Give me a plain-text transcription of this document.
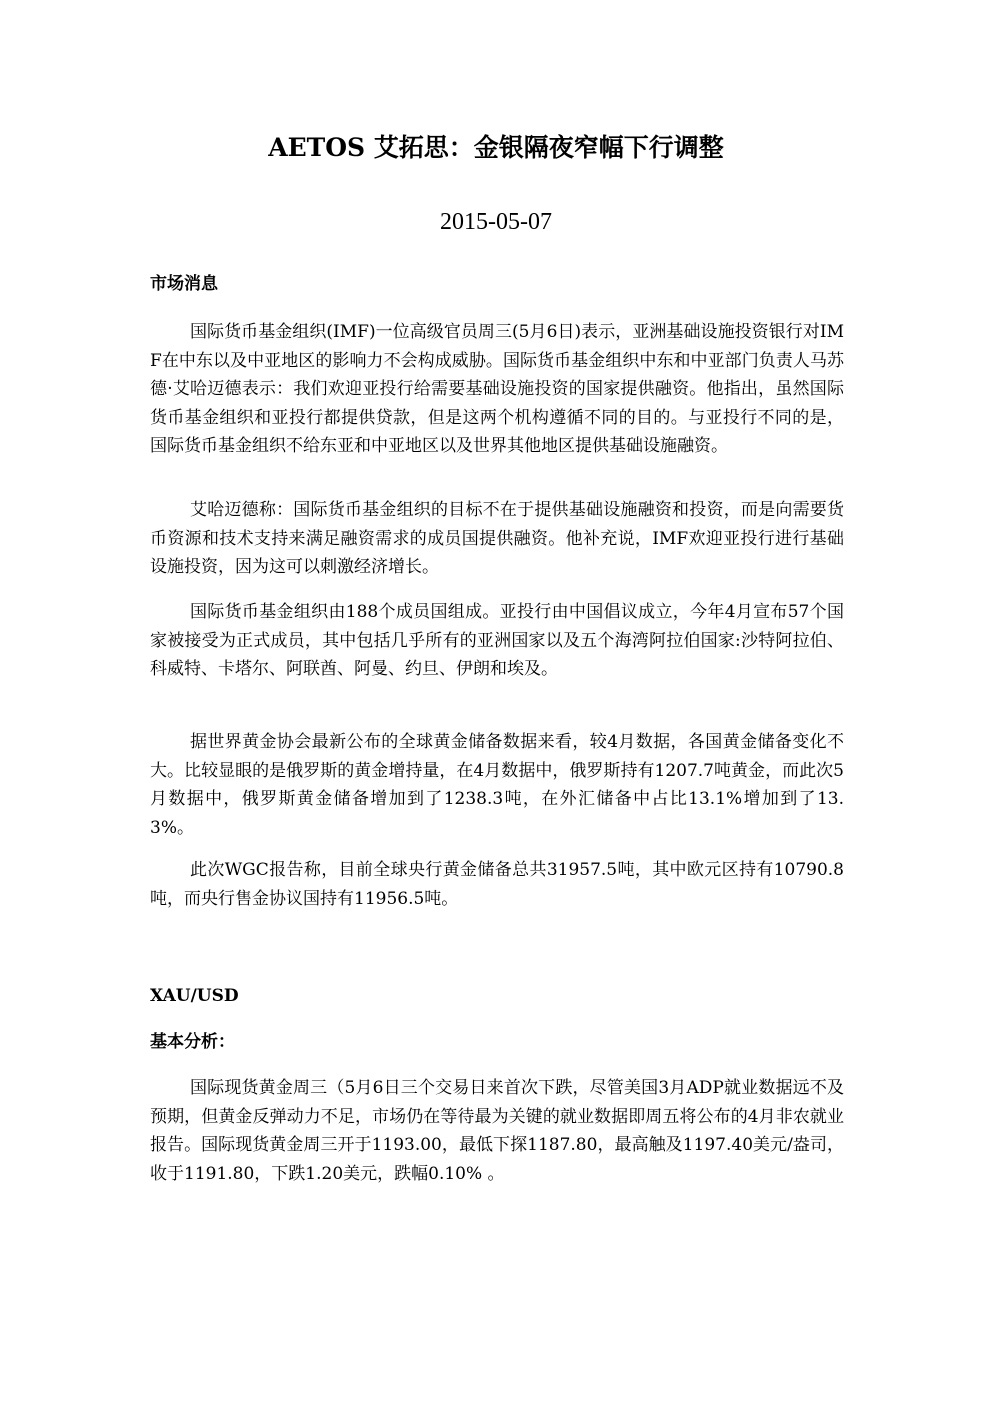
AETOS 艾拓思：金银隔夜窄幅下行调整
2015-05-07
市场消息
国际货币基金组织(IMF)一位高级官员周三(5月6日)表示，亚洲基础设施投资银行对IMF在中东以及中亚地区的影响力不会构成威胁。国际货币基金组织中东和中亚部门负责人马苏德·艾哈迈德表示：我们欢迎亚投行给需要基础设施投资的国家提供融资。他指出，虽然国际货币基金组织和亚投行都提供贷款，但是这两个机构遵循不同的目的。与亚投行不同的是，国际货币基金组织不给东亚和中亚地区以及世界其他地区提供基础设施融资。
艾哈迈德称：国际货币基金组织的目标不在于提供基础设施融资和投资，而是向需要货币资源和技术支持来满足融资需求的成员国提供融资。他补充说，IMF欢迎亚投行进行基础设施投资，因为这可以刺激经济增长。
国际货币基金组织由188个成员国组成。亚投行由中国倡议成立，今年4月宣布57个国家被接受为正式成员，其中包括几乎所有的亚洲国家以及五个海湾阿拉伯国家:沙特阿拉伯、科威特、卡塔尔、阿联酋、阿曼、约旦、伊朗和埃及。
据世界黄金协会最新公布的全球黄金储备数据来看，较4月数据，各国黄金储备变化不大。比较显眼的是俄罗斯的黄金增持量，在4月数据中，俄罗斯持有1207.7吨黄金，而此次5月数据中，俄罗斯黄金储备增加到了1238.3吨，在外汇储备中占比13.1%增加到了13.3%。
此次WGC报告称，目前全球央行黄金储备总共31957.5吨，其中欧元区持有10790.8吨，而央行售金协议国持有11956.5吨。
XAU/USD
基本分析：
国际现货黄金周三（5月6日三个交易日来首次下跌，尽管美国3月ADP就业数据远不及预期，但黄金反弹动力不足，市场仍在等待最为关键的就业数据即周五将公布的4月非农就业报告。国际现货黄金周三开于1193.00，最低下探1187.80，最高触及1197.40美元/盎司，收于1191.80，下跌1.20美元，跌幅0.10% 。
